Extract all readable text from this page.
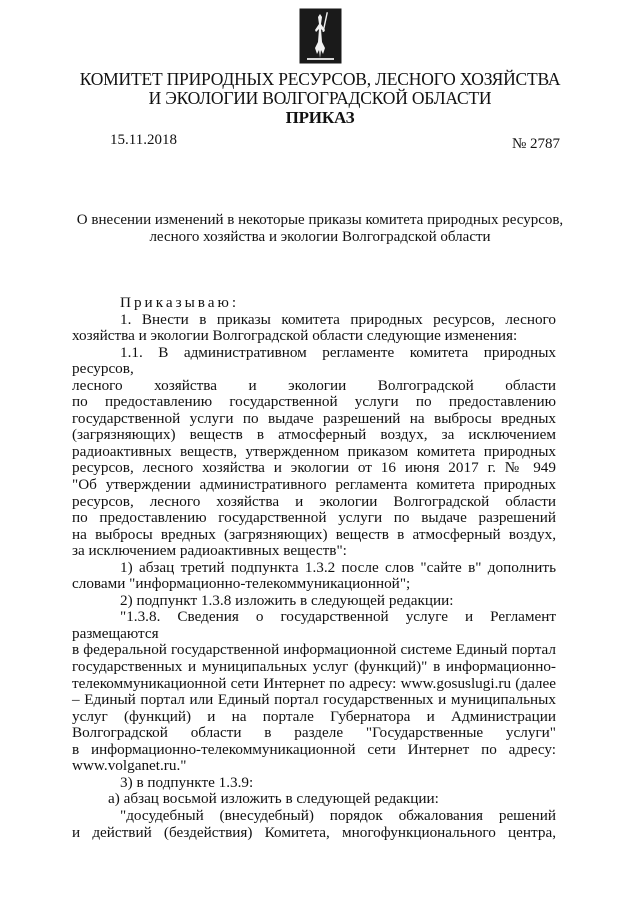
КОМИТЕТ ПРИРОДНЫХ РЕСУРСОВ, ЛЕСНОГО ХОЗЯЙСТВА
И ЭКОЛОГИИ ВОЛГОГРАДСКОЙ ОБЛАСТИ
ПРИКАЗ
15.11.2018	№ 2787
О внесении изменений в некоторые приказы комитета природных ресурсов,
лесного хозяйства и экологии Волгоградской области

Приказываю:

1. Внести в приказы комитета природных ресурсов, лесного

хозяйства и экологии Волгоградской области следующие изменения:

1.1. В административном регламенте комитета природных ресурсов,

лесного хозяйства и экологии Волгоградской области

по предоставлению государственной услуги по предоставлению

государственной услуги по выдаче разрешений на выбросы вредных

(загрязняющих) веществ в атмосферный воздух, за исключением

радиоактивных веществ, утвержденном приказом комитета природных

ресурсов, лесного хозяйства и экологии от 16 июня 2017 г. № 949

"Об утверждении административного регламента комитета природных

ресурсов, лесного хозяйства и экологии Волгоградской области

по предоставлению государственной услуги по выдаче разрешений

на выбросы вредных (загрязняющих) веществ в атмосферный воздух,

за исключением радиоактивных веществ":

1) абзац третий подпункта 1.3.2 после слов "сайте в" дополнить

словами "информационно-телекоммуникационной";

2) подпункт 1.3.8 изложить в следующей редакции:

"1.3.8. Сведения о государственной услуге и Регламент размещаются

в федеральной государственной информационной системе Единый портал

государственных и муниципальных услуг (функций)" в информационно-

телекоммуникационной сети Интернет по адресу: www.gosuslugi.ru (далее

– Единый портал или Единый портал государственных и муниципальных

услуг (функций) и на портале Губернатора и Администрации

Волгоградской области в разделе "Государственные услуги"

в информационно-телекоммуникационной сети Интернет по адресу:

www.volganet.ru."

3) в подпункте 1.3.9:

а) абзац восьмой изложить в следующей редакции:

"досудебный (внесудебный) порядок обжалования решений

и действий (бездействия) Комитета, многофункционального центра,
